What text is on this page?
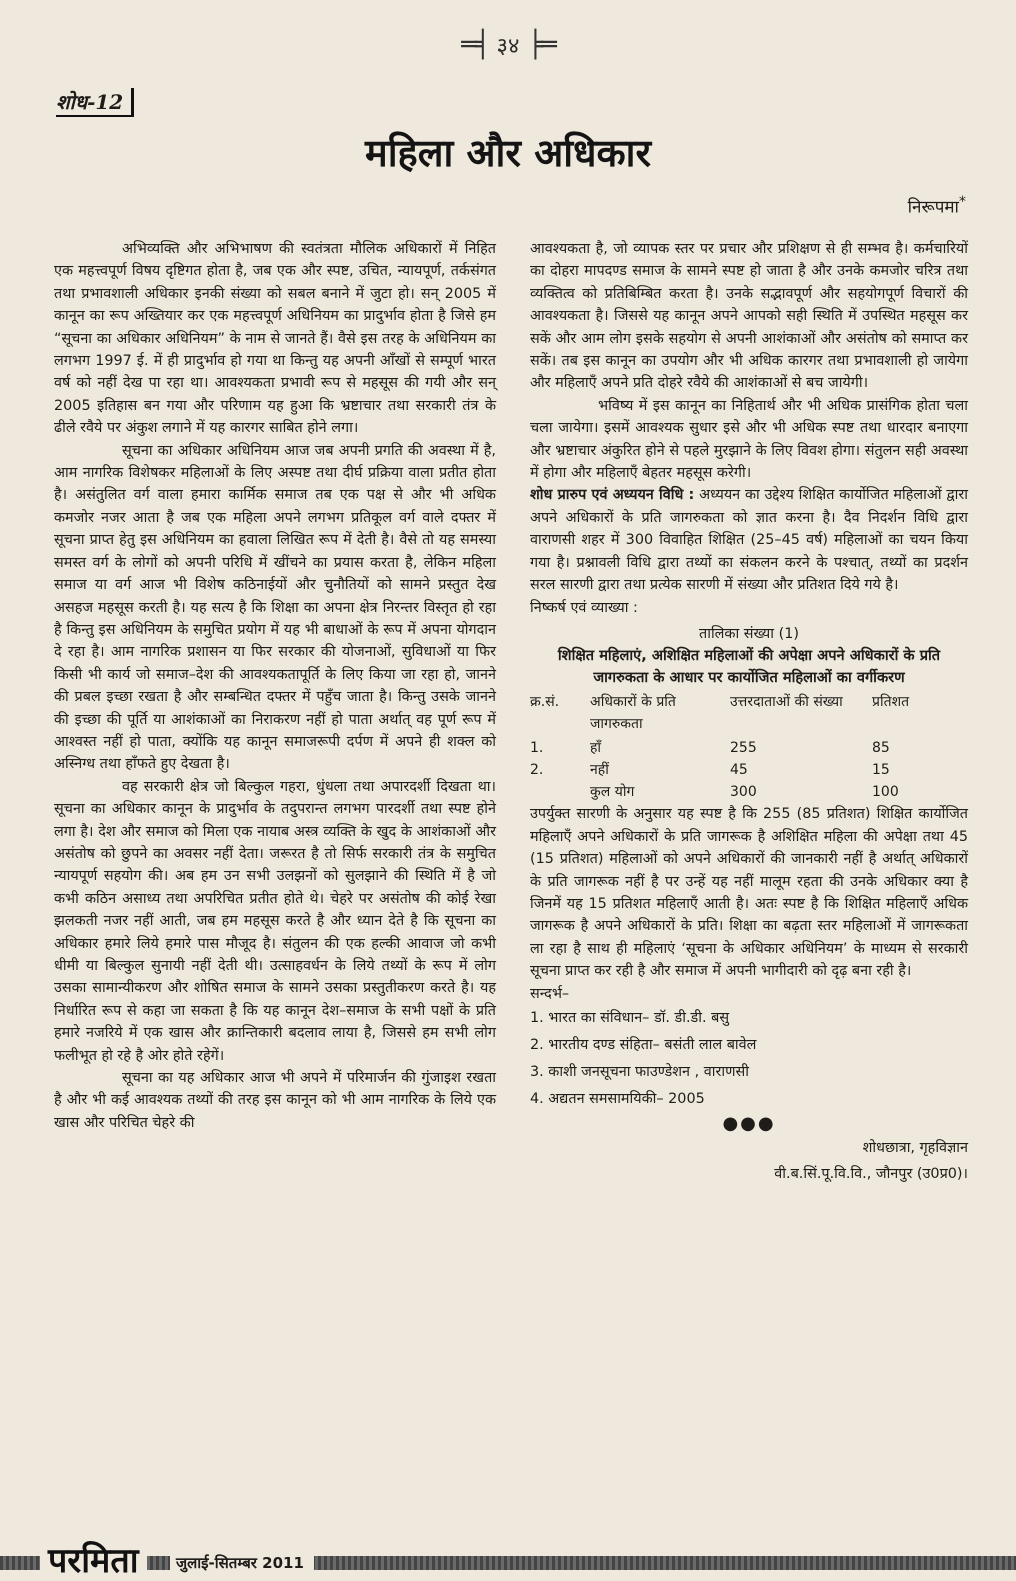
═╡ ३४ ╞═
शोध-12
महिला और अधिकार
निरूपमा*

अभिव्यक्ति और अभिभाषण की स्वतंत्रता मौलिक अधिकारों में निहित एक महत्त्वपूर्ण विषय दृष्टिगत होता है, जब एक और स्पष्ट, उचित, न्यायपूर्ण, तर्कसंगत तथा प्रभावशाली अधिकार इनकी संख्या को सबल बनाने में जुटा हो। सन् 2005 में कानून का रूप अख्तियार कर एक महत्त्वपूर्ण अधिनियम का प्रादुर्भाव होता है जिसे हम “सूचना का अधिकार अधिनियम” के नाम से जानते हैं। वैसे इस तरह के अधिनियम का लगभग 1997 ई. में ही प्रादुर्भाव हो गया था किन्तु यह अपनी आँखों से सम्पूर्ण भारत वर्ष को नहीं देख पा रहा था। आवश्यकता प्रभावी रूप से महसूस की गयी और सन् 2005 इतिहास बन गया और परिणाम यह हुआ कि भ्रष्टाचार तथा सरकारी तंत्र के ढीले रवैये पर अंकुश लगाने में यह कारगर साबित होने लगा।

सूचना का अधिकार अधिनियम आज जब अपनी प्रगति की अवस्था में है, आम नागरिक विशेषकर महिलाओं के लिए अस्पष्ट तथा दीर्घ प्रक्रिया वाला प्रतीत होता है। असंतुलित वर्ग वाला हमारा कार्मिक समाज तब एक पक्ष से और भी अधिक कमजोर नजर आता है जब एक महिला अपने लगभग प्रतिकूल वर्ग वाले दफ्तर में सूचना प्राप्त हेतु इस अधिनियम का हवाला लिखित रूप में देती है। वैसे तो यह समस्या समस्त वर्ग के लोगों को अपनी परिधि में खींचने का प्रयास करता है, लेकिन महिला समाज या वर्ग आज भी विशेष कठिनाईयों और चुनौतियों को सामने प्रस्तुत देख असहज महसूस करती है। यह सत्य है कि शिक्षा का अपना क्षेत्र निरन्तर विस्तृत हो रहा है किन्तु इस अधिनियम के समुचित प्रयोग में यह भी बाधाओं के रूप में अपना योगदान दे रहा है। आम नागरिक प्रशासन या फिर सरकार की योजनाओं, सुविधाओं या फिर किसी भी कार्य जो समाज–देश की आवश्यकतापूर्ति के लिए किया जा रहा हो, जानने की प्रबल इच्छा रखता है और सम्बन्धित दफ्तर में पहुँच जाता है। किन्तु उसके जानने की इच्छा की पूर्ति या आशंकाओं का निराकरण नहीं हो पाता अर्थात् वह पूर्ण रूप में आश्वस्त नहीं हो पाता, क्योंकि यह कानून समाजरूपी दर्पण में अपने ही शक्ल को अस्निग्ध तथा हाँफते हुए देखता है।

वह सरकारी क्षेत्र जो बिल्कुल गहरा, धुंधला तथा अपारदर्शी दिखता था। सूचना का अधिकार कानून के प्रादुर्भाव के तदुपरान्त लगभग पारदर्शी तथा स्पष्ट होने लगा है। देश और समाज को मिला एक नायाब अस्त्र व्यक्ति के खुद के आशंकाओं और असंतोष को छुपने का अवसर नहीं देता। जरूरत है तो सिर्फ सरकारी तंत्र के समुचित न्यायपूर्ण सहयोग की। अब हम उन सभी उलझनों को सुलझाने की स्थिति में है जो कभी कठिन असाध्य तथा अपरिचित प्रतीत होते थे। चेहरे पर असंतोष की कोई रेखा झलकती नजर नहीं आती, जब हम महसूस करते है और ध्यान देते है कि सूचना का अधिकार हमारे लिये हमारे पास मौजूद है। संतुलन की एक हल्की आवाज जो कभी धीमी या बिल्कुल सुनायी नहीं देती थी। उत्साहवर्धन के लिये तथ्यों के रूप में लोग उसका सामान्यीकरण और शोषित समाज के सामने उसका प्रस्तुतीकरण करते है। यह निर्धारित रूप से कहा जा सकता है कि यह कानून देश–समाज के सभी पक्षों के प्रति हमारे नजरिये में एक खास और क्रान्तिकारी बदलाव लाया है, जिससे हम सभी लोग फलीभूत हो रहे है ओर होते रहेगें।

सूचना का यह अधिकार आज भी अपने में परिमार्जन की गुंजाइश रखता है और भी कई आवश्यक तथ्यों की तरह इस कानून को भी आम नागरिक के लिये एक खास और परिचित चेहरे की

आवश्यकता है, जो व्यापक स्तर पर प्रचार और प्रशिक्षण से ही सम्भव है। कर्मचारियों का दोहरा मापदण्ड समाज के सामने स्पष्ट हो जाता है और उनके कमजोर चरित्र तथा व्यक्तित्व को प्रतिबिम्बित करता है। उनके सद्भावपूर्ण और सहयोगपूर्ण विचारों की आवश्यकता है। जिससे यह कानून अपने आपको सही स्थिति में उपस्थित महसूस कर सकें और आम लोग इसके सहयोग से अपनी आशंकाओं और असंतोष को समाप्त कर सकें। तब इस कानून का उपयोग और भी अधिक कारगर तथा प्रभावशाली हो जायेगा और महिलाएँ अपने प्रति दोहरे रवैये की आशंकाओं से बच जायेगी।

भविष्य में इस कानून का निहितार्थ और भी अधिक प्रासंगिक होता चला चला जायेगा। इसमें आवश्यक सुधार इसे और भी अधिक स्पष्ट तथा धारदार बनाएगा और भ्रष्टाचार अंकुरित होने से पहले मुरझाने के लिए विवश होगा। संतुलन सही अवस्था में होगा और महिलाएँ बेहतर महसूस करेगी।

शोध प्रारुप एवं अध्ययन विधि : अध्ययन का उद्देश्य शिक्षित कार्योजित महिलाओं द्वारा अपने अधिकारों के प्रति जागरुकता को ज्ञात करना है। दैव निदर्शन विधि द्वारा वाराणसी शहर में 300 विवाहित शिक्षित (25–45 वर्ष) महिलाओं का चयन किया गया है। प्रश्नावली विधि द्वारा तथ्यों का संकलन करने के पश्चात्, तथ्यों का प्रदर्शन सरल सारणी द्वारा तथा प्रत्येक सारणी में संख्या और प्रतिशत दिये गये है।

निष्कर्ष एवं व्याख्या :

तालिका संख्या (1)
शिक्षित महिलाएं, अशिक्षित महिलाओं की अपेक्षा अपने अधिकारों के प्रति जागरुकता के आधार पर कार्योजित महिलाओं का वर्गीकरण
क्र.सं.	अधिकारों के प्रति जागरुकता	उत्तरदाताओं की संख्या	प्रतिशत
1.	हाँ	255	85
2.	नहीं	45	15
	कुल योग	300	100

उपर्युक्त सारणी के अनुसार यह स्पष्ट है कि 255 (85 प्रतिशत) शिक्षित कार्योजित महिलाएँ अपने अधिकारों के प्रति जागरूक है अशिक्षित महिला की अपेक्षा तथा 45 (15 प्रतिशत) महिलाओं को अपने अधिकारों की जानकारी नहीं है अर्थात् अधिकारों के प्रति जागरूक नहीं है पर उन्हें यह नहीं मालूम रहता की उनके अधिकार क्या है जिनमें यह 15 प्रतिशत महिलाएँ आती है। अतः स्पष्ट है कि शिक्षित महिलाएँ अधिक जागरूक है अपने अधिकारों के प्रति। शिक्षा का बढ़ता स्तर महिलाओं में जागरूकता ला रहा है साथ ही महिलाएं ‘सूचना के अधिकार अधिनियम’ के माध्यम से सरकारी सूचना प्राप्त कर रही है और समाज में अपनी भागीदारी को दृढ़ बना रही है।

सन्दर्भ–

1. भारत का संविधान– डॉ. डी.डी. बसु
2. भारतीय दण्ड संहिता– बसंती लाल बावेल
3. काशी जनसूचना फाउण्डेशन , वाराणसी
4. अद्यतन समसामयिकी– 2005
●●●
शोधछात्रा, गृहविज्ञान
वी.ब.सिं.पू.वि.वि., जौनपुर (उ0प्र0)।
परमिता	जुलाई-सितम्बर 2011
